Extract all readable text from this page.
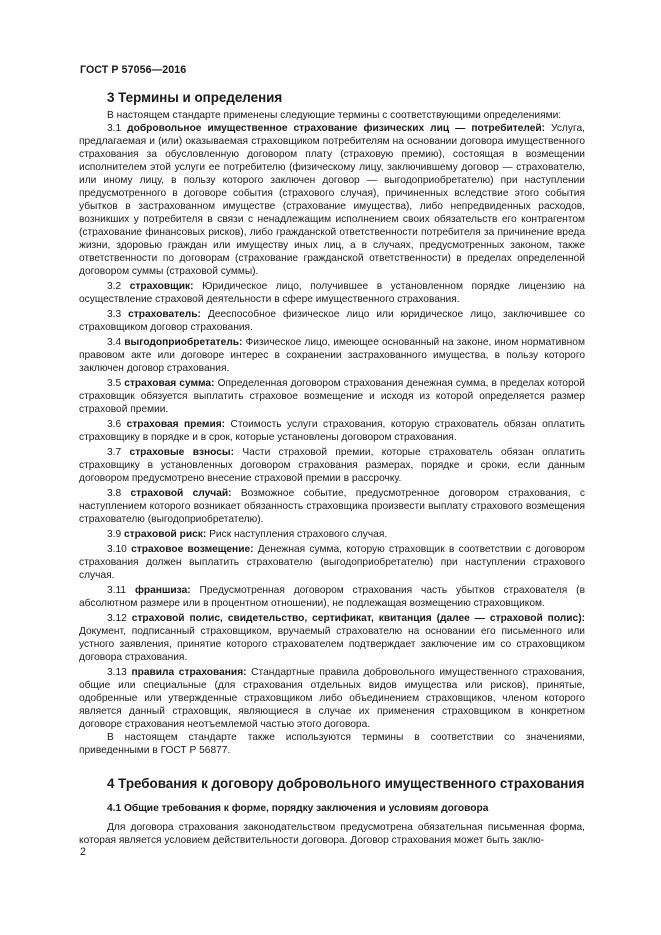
ГОСТ Р 57056—2016
3 Термины и определения

В настоящем стандарте применены следующие термины с соответствующими определениями:

3.1 добровольное имущественное страхование физических лиц — потребителей: Услуга, предлагаемая и (или) оказываемая страховщиком потребителям на основании договора имущественного страхования за обусловленную договором плату (страховую премию), состоящая в возмещении исполнителем этой услуги ее потребителю (физическому лицу, заключившему договор — страхователю, или иному лицу, в пользу которого заключен договор — выгодоприобретателю) при наступлении предусмотренного в договоре события (страхового случая), причиненных вследствие этого события убытков в застрахованном имуществе (страхование имущества), либо непредвиденных расходов, возникших у потребителя в связи с ненадлежащим исполнением своих обязательств его контрагентом (страхование финансовых рисков), либо гражданской ответственности потребителя за причинение вреда жизни, здоровью граждан или имуществу иных лиц, а в случаях, предусмотренных законом, также ответственности по договорам (страхование гражданской ответственности) в пределах определенной договором суммы (страховой суммы).

3.2 страховщик: Юридическое лицо, получившее в установленном порядке лицензию на осуществление страховой деятельности в сфере имущественного страхования.

3.3 страхователь: Дееспособное физическое лицо или юридическое лицо, заключившее со страховщиком договор страхования.

3.4 выгодоприобретатель: Физическое лицо, имеющее основанный на законе, ином нормативном правовом акте или договоре интерес в сохранении застрахованного имущества, в пользу которого заключен договор страхования.

3.5 страховая сумма: Определенная договором страхования денежная сумма, в пределах которой страховщик обязуется выплатить страховое возмещение и исходя из которой определяется размер страховой премии.

3.6 страховая премия: Стоимость услуги страхования, которую страхователь обязан оплатить страховщику в порядке и в срок, которые установлены договором страхования.

3.7 страховые взносы: Части страховой премии, которые страхователь обязан оплатить страховщику в установленных договором страхования размерах, порядке и сроки, если данным договором предусмотрено внесение страховой премии в рассрочку.

3.8 страховой случай: Возможное событие, предусмотренное договором страхования, с наступлением которого возникает обязанность страховщика произвести выплату страхового возмещения страхователю (выгодоприобретателю).

3.9 страховой риск: Риск наступления страхового случая.

3.10 страховое возмещение: Денежная сумма, которую страховщик в соответствии с договором страхования должен выплатить страхователю (выгодоприобретателю) при наступлении страхового случая.

3.11 франшиза: Предусмотренная договором страхования часть убытков страхователя (в абсолютном размере или в процентном отношении), не подлежащая возмещению страховщиком.

3.12 страховой полис, свидетельство, сертификат, квитанция (далее — страховой полис): Документ, подписанный страховщиком, вручаемый страхователю на основании его письменного или устного заявления, принятие которого страхователем подтверждает заключение им со страховщиком договора страхования.

3.13 правила страхования: Стандартные правила добровольного имущественного страхования, общие или специальные (для страхования отдельных видов имущества или рисков), принятые, одобренные или утвержденные страховщиком либо объединением страховщиков, членом которого является данный страховщик, являющиеся в случае их применения страховщиком в конкретном договоре страхования неотъемлемой частью этого договора.

В настоящем стандарте также используются термины в соответствии со значениями, приведенными в ГОСТ Р 56877.

4 Требования к договору добровольного имущественного страхования
4.1 Общие требования к форме, порядку заключения и условиям договора

Для договора страхования законодательством предусмотрена обязательная письменная форма, которая является условием действительности договора. Договор страхования может быть заклю-

2
